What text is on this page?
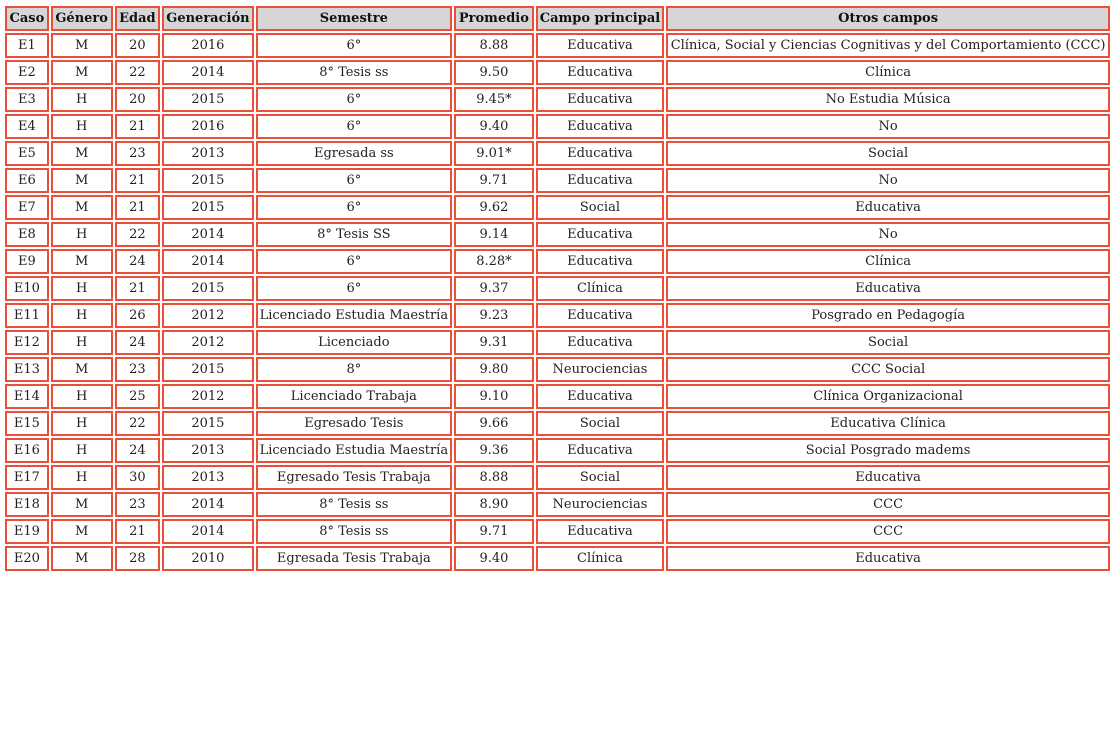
Caso	Género	Edad	Generación	Semestre	Promedio	Campo principal	Otros campos
E1	M	20	2016	6°	8.88	Educativa	Clínica, Social y Ciencias Cognitivas y del Comportamiento (CCC)
E2	M	22	2014	8° Tesis ss	9.50	Educativa	Clínica
E3	H	20	2015	6°	9.45*	Educativa	No Estudia Música
E4	H	21	2016	6°	9.40	Educativa	No
E5	M	23	2013	Egresada ss	9.01*	Educativa	Social
E6	M	21	2015	6°	9.71	Educativa	No
E7	M	21	2015	6°	9.62	Social	Educativa
E8	H	22	2014	8° Tesis SS	9.14	Educativa	No
E9	M	24	2014	6°	8.28*	Educativa	Clínica
E10	H	21	2015	6°	9.37	Clínica	Educativa
E11	H	26	2012	Licenciado Estudia Maestría	9.23	Educativa	Posgrado en Pedagogía
E12	H	24	2012	Licenciado	9.31	Educativa	Social
E13	M	23	2015	8°	9.80	Neurociencias	CCC Social
E14	H	25	2012	Licenciado Trabaja	9.10	Educativa	Clínica Organizacional
E15	H	22	2015	Egresado Tesis	9.66	Social	Educativa Clínica
E16	H	24	2013	Licenciado Estudia Maestría	9.36	Educativa	Social Posgrado madems
E17	H	30	2013	Egresado Tesis Trabaja	8.88	Social	Educativa
E18	M	23	2014	8° Tesis ss	8.90	Neurociencias	CCC
E19	M	21	2014	8° Tesis ss	9.71	Educativa	CCC
E20	M	28	2010	Egresada Tesis Trabaja	9.40	Clínica	Educativa
